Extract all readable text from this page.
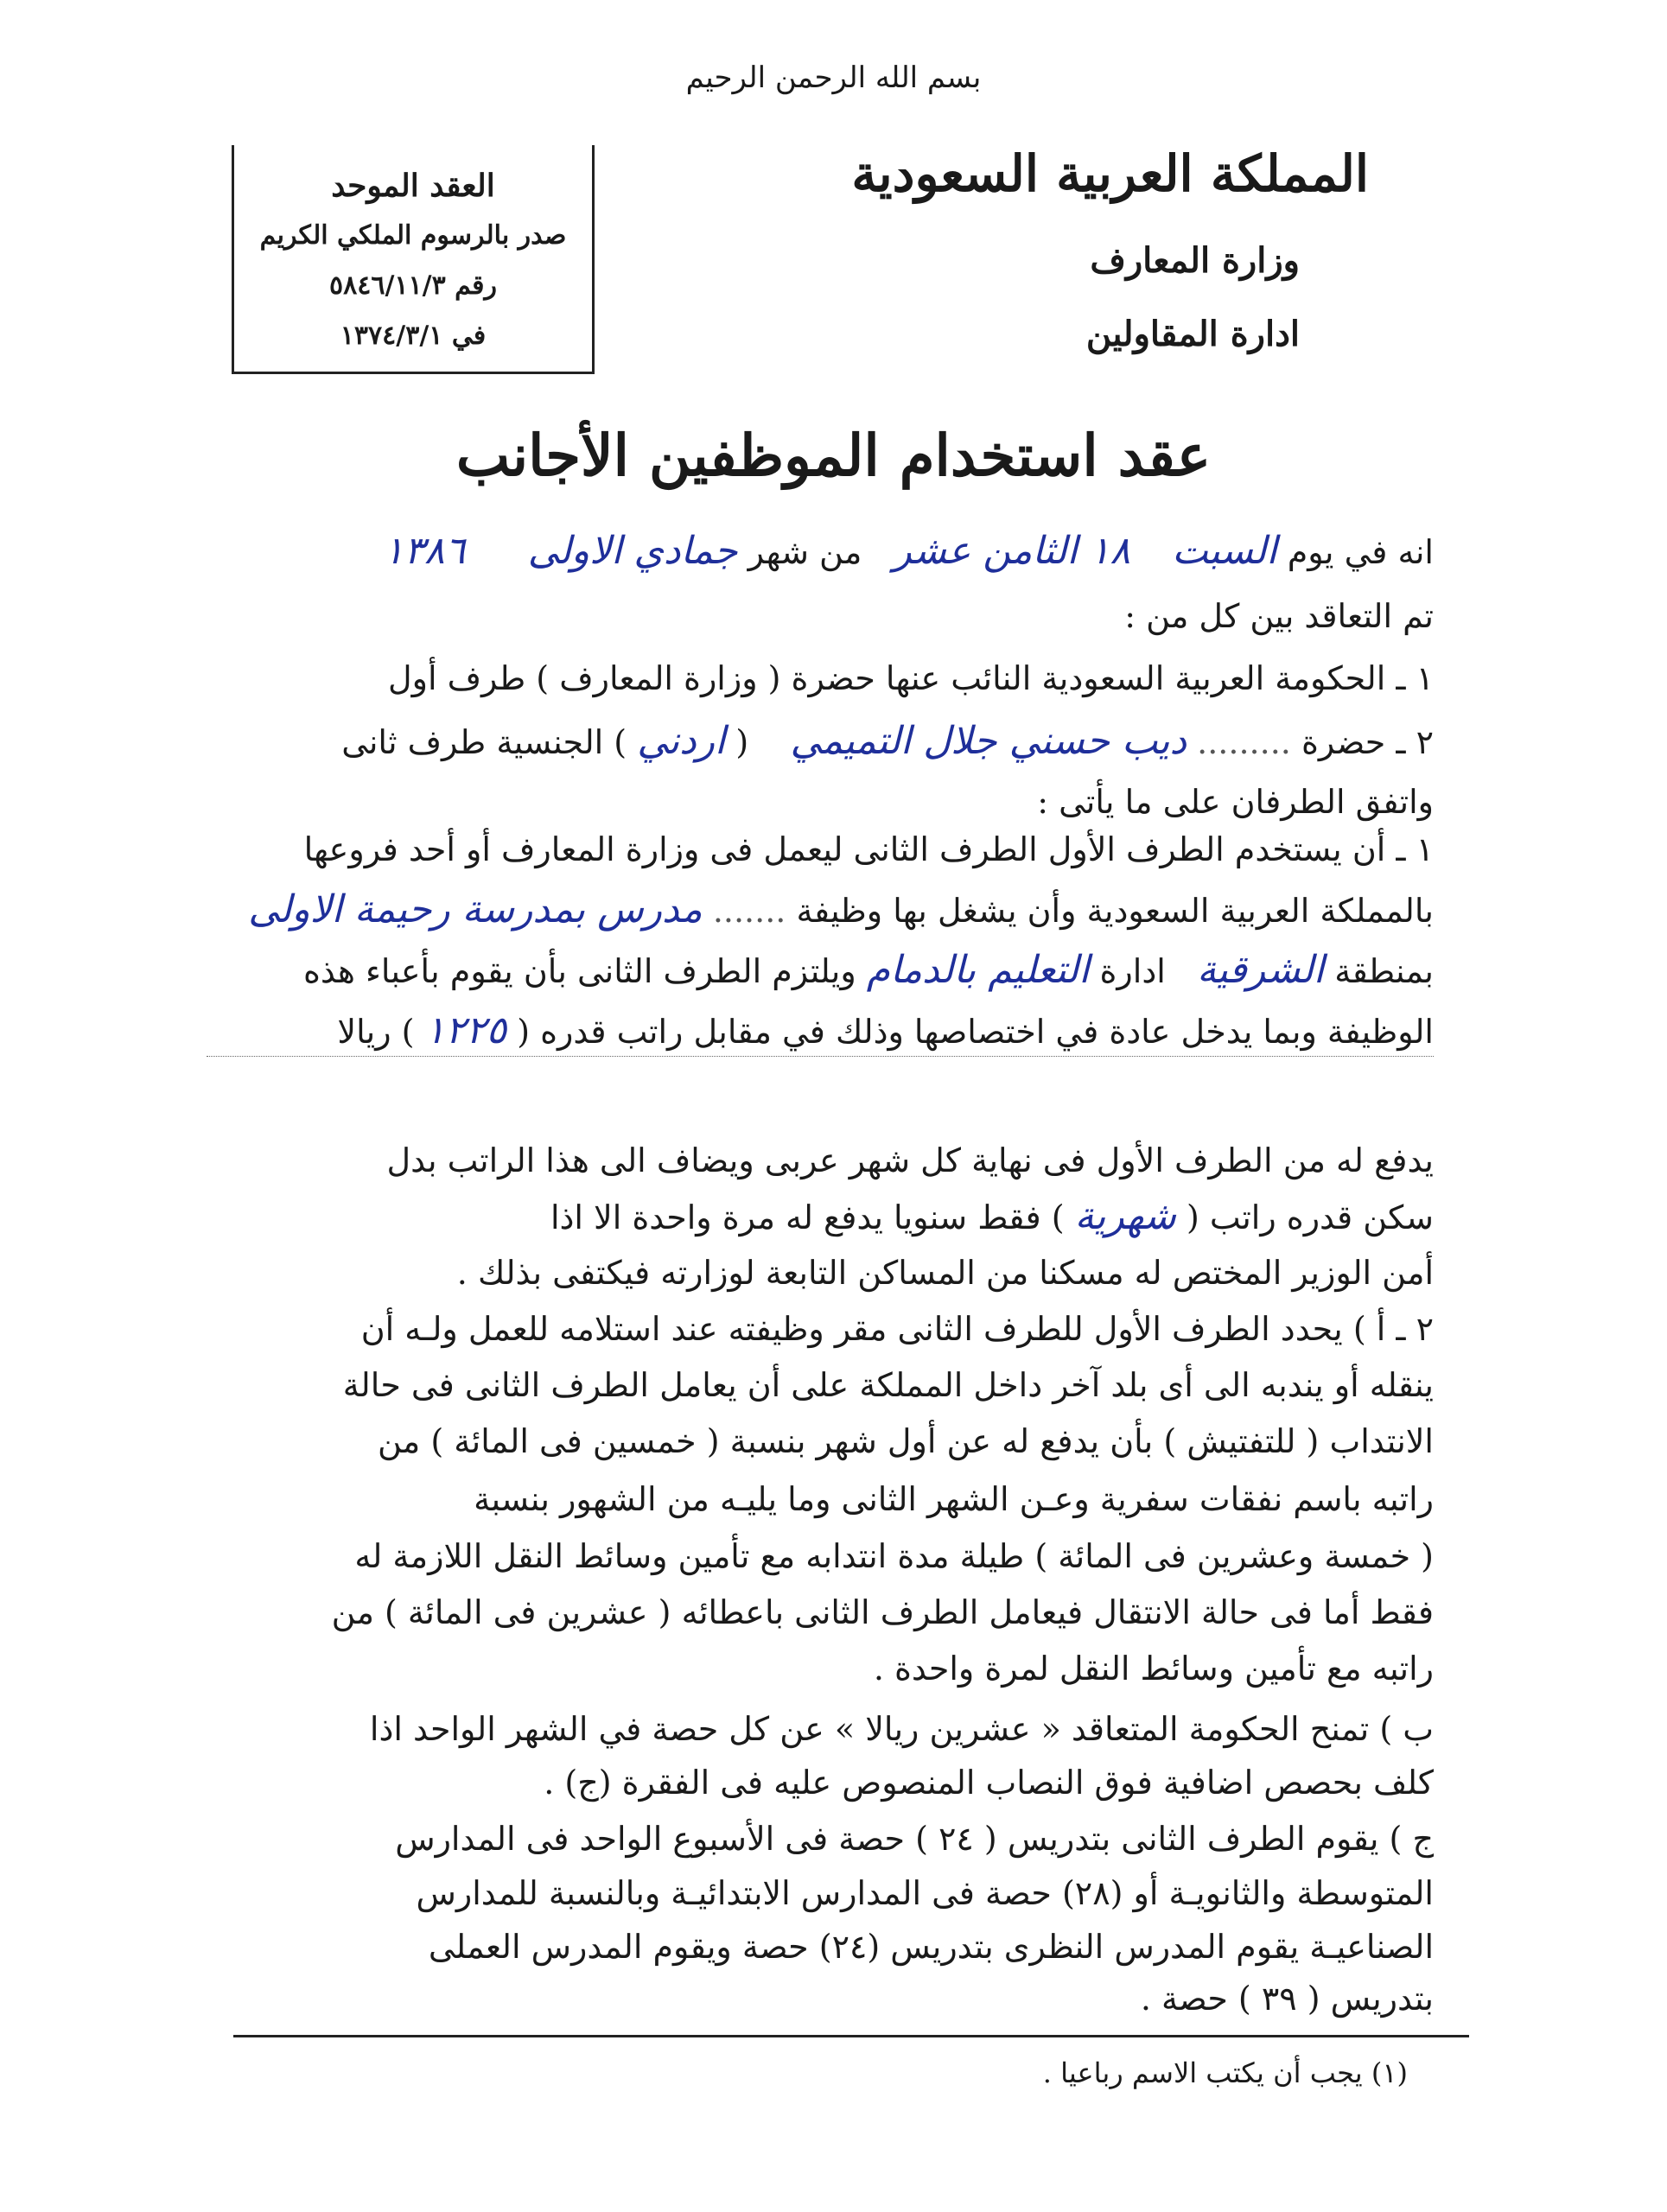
بسم الله الرحمن الرحيم
المملكة العربية السعودية
وزارة المعارف
ادارة المقاولين
العقد الموحد
صدر بالرسوم الملكي الكريم
رقم ٥٨٤٦/١١/٣
في ١٣٧٤/٣/١
عقد استخدام الموظفين الأجانب
انه في يوم السبت    ١٨ الثامن عشر   من شهر جمادي الاولى      ١٣٨٦
تم التعاقد بين كل من :
١ ـ الحكومة العربية السعودية النائب عنها حضرة ( وزارة المعارف ) طرف أول
٢ ـ حضرة ......... ديب حسني جلال التميمي    ( اردني ) الجنسية طرف ثانى
واتفق الطرفان على ما يأتى :
١ ـ أن يستخدم الطرف الأول الطرف الثانى ليعمل فى وزارة المعارف أو أحد فروعها
بالمملكة العربية السعودية وأن يشغل بها وظيفة ....... مدرس بمدرسة رحيمة الاولى
بمنطقة الشرقية   ادارة التعليم بالدمام ويلتزم الطرف الثانى بأن يقوم بأعباء هذه
الوظيفة وبما يدخل عادة في اختصاصها وذلك في مقابل راتب قدره ( ١٢٢٥ ) ريالا
يدفع له من الطرف الأول فى نهاية كل شهر عربى ويضاف الى هذا الراتب بدل
سكن قدره راتب ( شهرية ) فقط سنويا يدفع له مرة واحدة الا اذا
أمن الوزير المختص له مسكنا من المساكن التابعة لوزارته فيكتفى بذلك .
٢ ـ أ ) يحدد الطرف الأول للطرف الثانى مقر وظيفته عند استلامه للعمل ولـه أن
ينقله أو يندبه الى أى بلد آخر داخل المملكة على أن يعامل الطرف الثانى فى حالة
الانتداب ( للتفتيش ) بأن يدفع له عن أول شهر بنسبة ( خمسين فى المائة ) من
راتبه باسم نفقات سفرية وعـن الشهر الثانى وما يليـه من الشهور بنسبة
( خمسة وعشرين فى المائة ) طيلة مدة انتدابه مع تأمين وسائط النقل اللازمة له
فقط أما فى حالة الانتقال فيعامل الطرف الثانى باعطائه ( عشرين فى المائة ) من
راتبه مع تأمين وسائط النقل لمرة واحدة .
ب ) تمنح الحكومة المتعاقد « عشرين ريالا » عن كل حصة في الشهر الواحد اذا
كلف بحصص اضافية فوق النصاب المنصوص عليه فى الفقرة (ج) .
ج ) يقوم الطرف الثانى بتدريس ( ٢٤ ) حصة فى الأسبوع الواحد فى المدارس
المتوسطة والثانويـة أو (٢٨) حصة فى المدارس الابتدائيـة وبالنسبة للمدارس
الصناعيـة يقوم المدرس النظرى بتدريس (٢٤) حصة ويقوم المدرس العملى
بتدريس ( ٣٩ ) حصة .
(١) يجب أن يكتب الاسم رباعيا .
